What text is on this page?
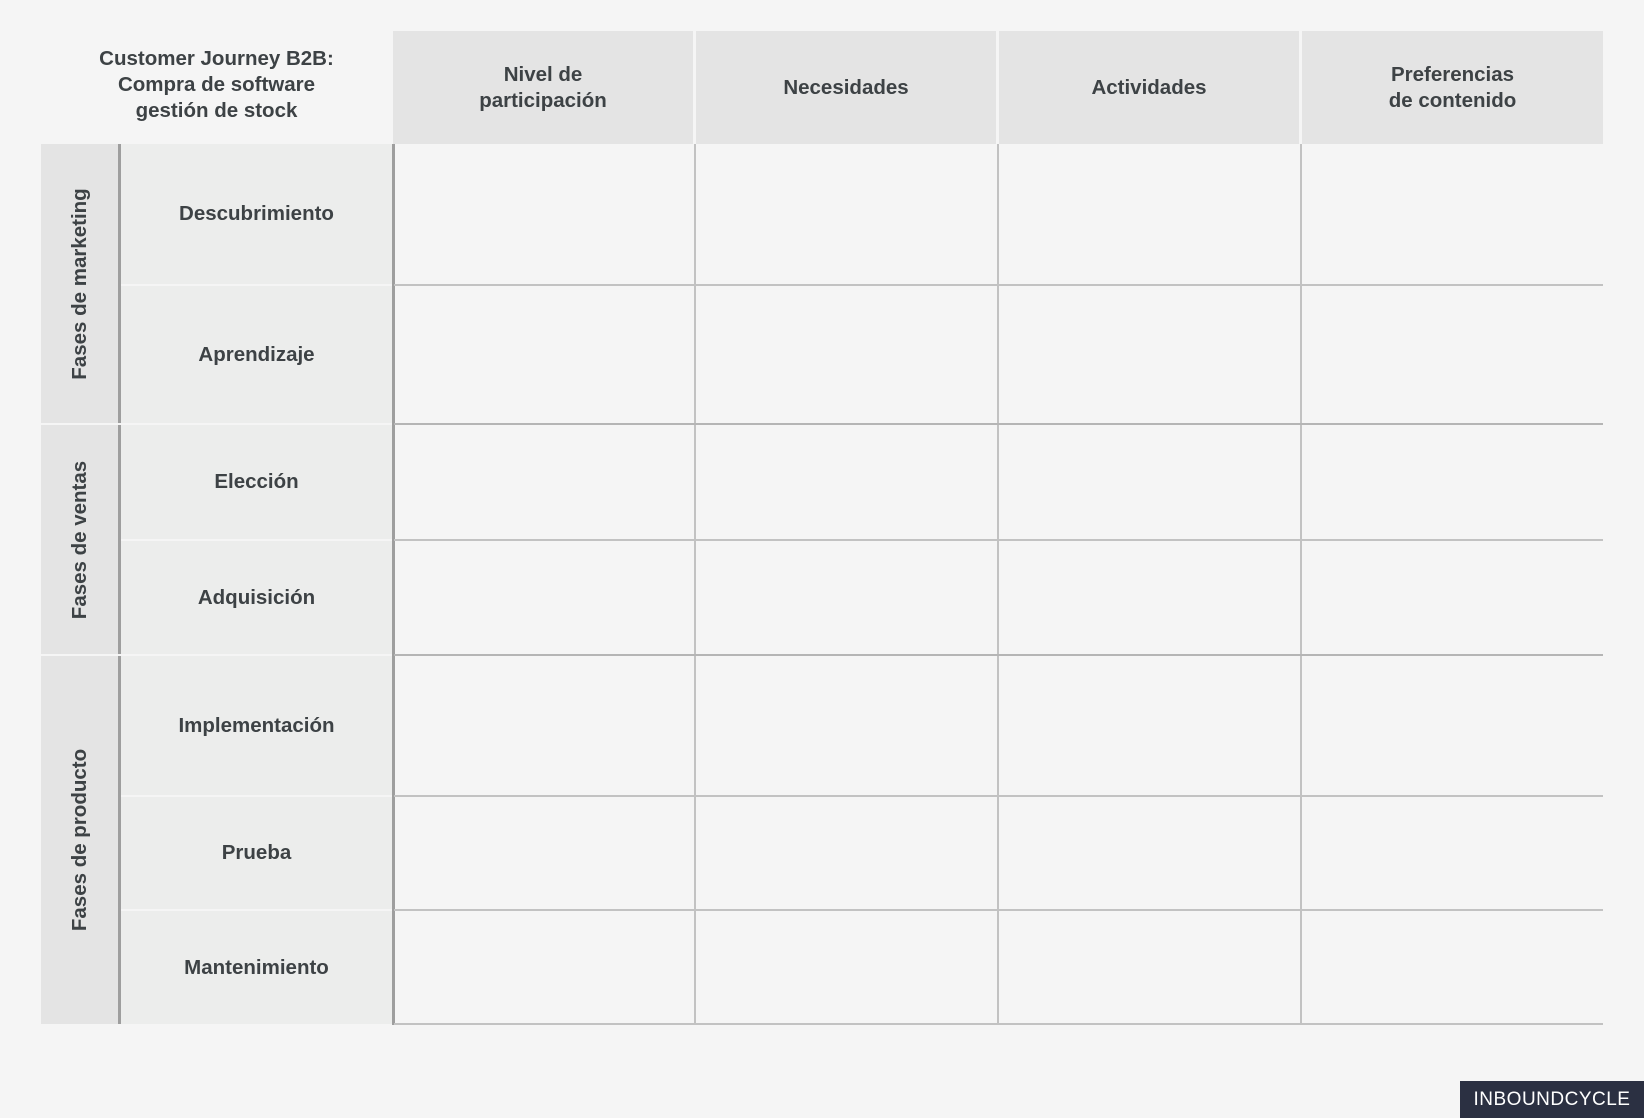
Customer Journey B2B:
Compra de software
gestión de stock
Nivel de
participación
Necesidades	Actividades
Preferencias
de contenido
Fases de marketing
Fases de ventas
Fases de producto
Descubrimiento
Aprendizaje
Elección
Adquisición
Implementación
Prueba
Mantenimiento
INBOUNDCYCLE
